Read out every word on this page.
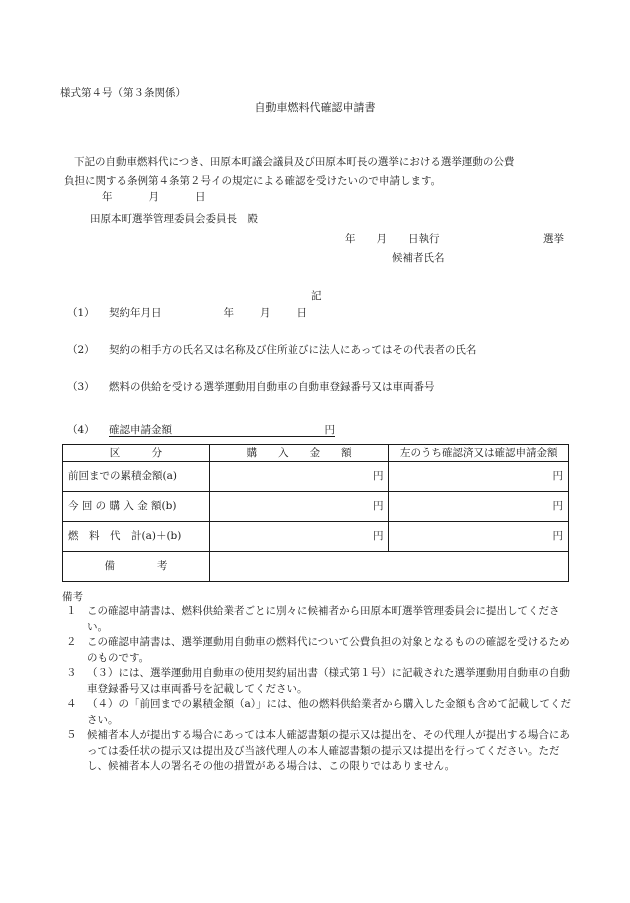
様式第４号（第３条関係）
自動車燃料代確認申請書

下記の自動車燃料代につき、田原本町議会議員及び田原本町長の選挙における選挙運動の公費

負担に関する条例第４条第２号イの規定による確認を受けたいので申請します。

年	月	日
田原本町選挙管理委員会委員長　殿
年　　月　　日執行	選挙
候補者氏名
記
（1） 契約年月日	年 月 日
（2） 契約の相手方の氏名又は名称及び住所並びに法人にあってはその代表者の氏名
（3） 燃料の供給を受ける選挙運動用自動車の自動車登録番号又は車両番号
（4） 確認申請金額	円
区　　　分	購　　入　　金　　額	左のうち確認済又は確認申請金額
前回までの累積金額(a)	円	円
今 回 の 購 入 金 額(b)	円	円
燃　料　代　計(a)＋(b)	円	円
備　　　　考		
備考
１	この確認申請書は、燃料供給業者ごとに別々に候補者から田原本町選挙管理委員会に提出してください。
２	この確認申請書は、選挙運動用自動車の燃料代について公費負担の対象となるものの確認を受けるためのものです。
３	（３）には、選挙運動用自動車の使用契約届出書（様式第１号）に記載された選挙運動用自動車の自動車登録番号又は車両番号を記載してください。
４	（４）の「前回までの累積金額（a）」には、他の燃料供給業者から購入した金額も含めて記載してください。
５	候補者本人が提出する場合にあっては本人確認書類の提示又は提出を、その代理人が提出する場合にあっては委任状の提示又は提出及び当該代理人の本人確認書類の提示又は提出を行ってください。ただし、候補者本人の署名その他の措置がある場合は、この限りではありません。
